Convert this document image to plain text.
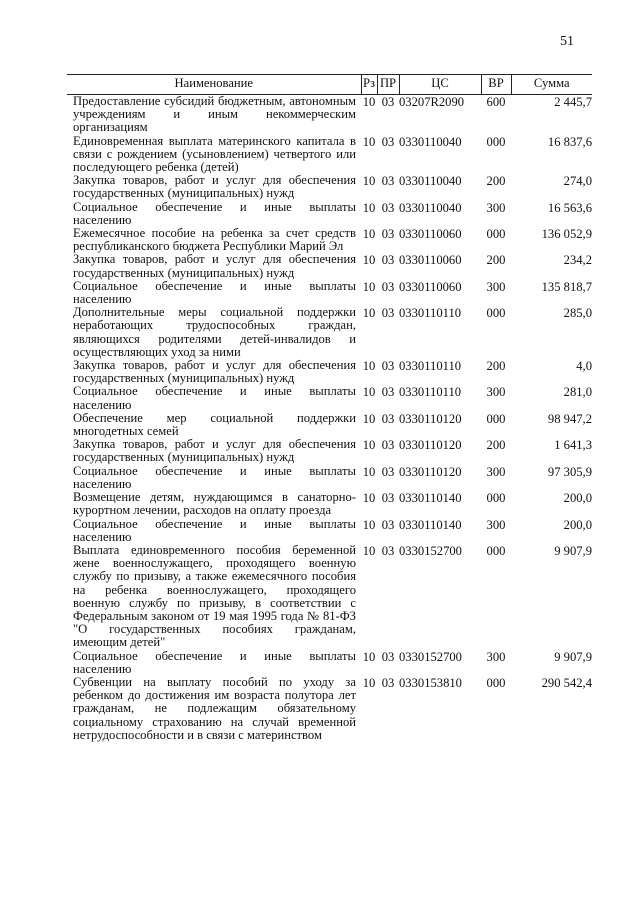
51
Наименование	Рз	ПР	ЦС	ВР	Сумма
Предоставление субсидий бюджетным, автономным учреждениям и иным некоммерческим организациям	10	03	03207R2090	600	2 445,7
Единовременная выплата материнского капитала в связи с рождением (усыновлением) четвертого или последующего ребенка (детей)	10	03	0330110040	000	16 837,6
Закупка товаров, работ и услуг для обеспечения государственных (муниципальных) нужд	10	03	0330110040	200	274,0
Социальное обеспечение и иные выплаты населению	10	03	0330110040	300	16 563,6
Ежемесячное пособие на ребенка за счет средств республиканского бюджета Республики Марий Эл	10	03	0330110060	000	136 052,9
Закупка товаров, работ и услуг для обеспечения государственных (муниципальных) нужд	10	03	0330110060	200	234,2
Социальное обеспечение и иные выплаты населению	10	03	0330110060	300	135 818,7
Дополнительные меры социальной поддержки неработающих трудоспособных граждан, являющихся родителями детей-инвалидов и осуществляющих уход за ними	10	03	0330110110	000	285,0
Закупка товаров, работ и услуг для обеспечения государственных (муниципальных) нужд	10	03	0330110110	200	4,0
Социальное обеспечение и иные выплаты населению	10	03	0330110110	300	281,0
Обеспечение мер социальной поддержки многодетных семей	10	03	0330110120	000	98 947,2
Закупка товаров, работ и услуг для обеспечения государственных (муниципальных) нужд	10	03	0330110120	200	1 641,3
Социальное обеспечение и иные выплаты населению	10	03	0330110120	300	97 305,9
Возмещение детям, нуждающимся в санаторно-курортном лечении, расходов на оплату проезда	10	03	0330110140	000	200,0
Социальное обеспечение и иные выплаты населению	10	03	0330110140	300	200,0
Выплата единовременного пособия беременной жене военнослужащего, проходящего военную службу по призыву, а также ежемесячного пособия на ребенка военнослужащего, проходящего военную службу по призыву, в соответствии с Федеральным законом от 19 мая 1995 года № 81-ФЗ "О государственных пособиях гражданам, имеющим детей"	10	03	0330152700	000	9 907,9
Социальное обеспечение и иные выплаты населению	10	03	0330152700	300	9 907,9
Субвенции на выплату пособий по уходу за ребенком до достижения им возраста полутора лет гражданам, не подлежащим обязательному социальному страхованию на случай временной нетрудоспособности и в связи с материнством	10	03	0330153810	000	290 542,4
